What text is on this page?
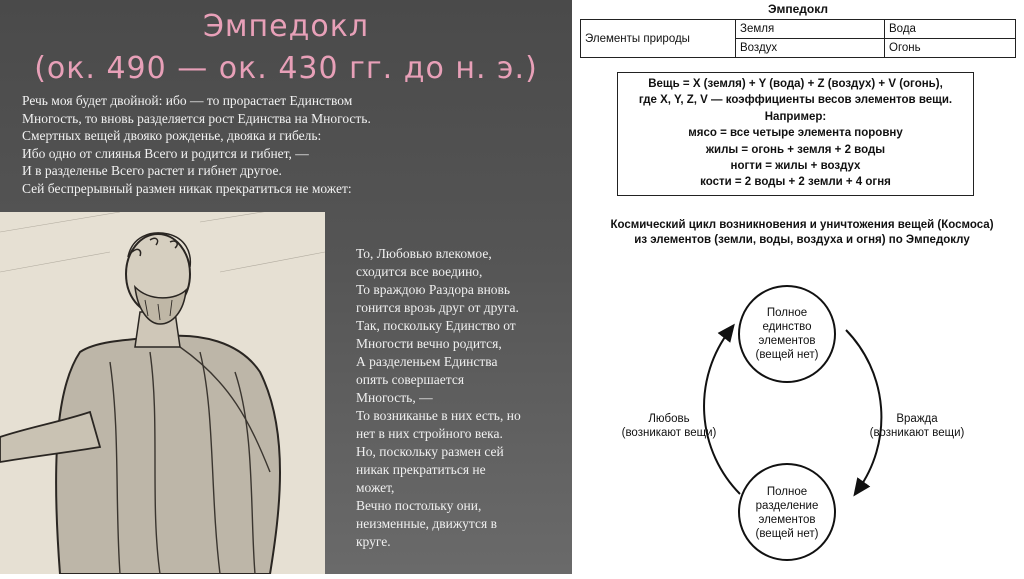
Эмпедокл
(ок. 490 — ок. 430 гг. до н. э.)
Речь моя будет двойной: ибо — то прорастает Единством
Многость, то вновь разделяется рост Единства на Многость.
Смертных вещей двояко рожденье, двояка и гибель:
Ибо одно от слиянья Всего и родится и гибнет, —
И в разделенье Всего растет и гибнет другое.
Сей беспрерывный размен никак прекратиться не может:
То, Любовью влекомое,
сходится все воедино,
То враждою Раздора вновь
гонится врозь друг от друга.
Так, поскольку Единство от
Многости вечно родится,
А разделеньем Единства
опять совершается
Многость, —
То возниканье в них есть, но
нет в них стройного века.
Но, поскольку размен сей
никак прекратиться не
может,
Вечно постольку они,
неизменные, движутся в
круге.
Эмпедокл
Элементы природы	Земля	Вода
	Воздух	Огонь
Вещь = X (земля) + Y (вода) + Z (воздух) + V (огонь),
где X, Y, Z, V — коэффициенты весов элементов вещи.
Например:
мясо = все четыре элемента поровну
жилы = огонь + земля + 2 воды
ногти = жилы + воздух
кости = 2 воды + 2 земли + 4 огня
Космический цикл возникновения и уничтожения вещей (Космоса)
из элементов (земли, воды, воздуха и огня) по Эмпедоклу
Полное
единство
элементов
(вещей нет)
Полное
разделение
элементов
(вещей нет)
Любовь
(возникают вещи)
Вражда
(возникают вещи)
